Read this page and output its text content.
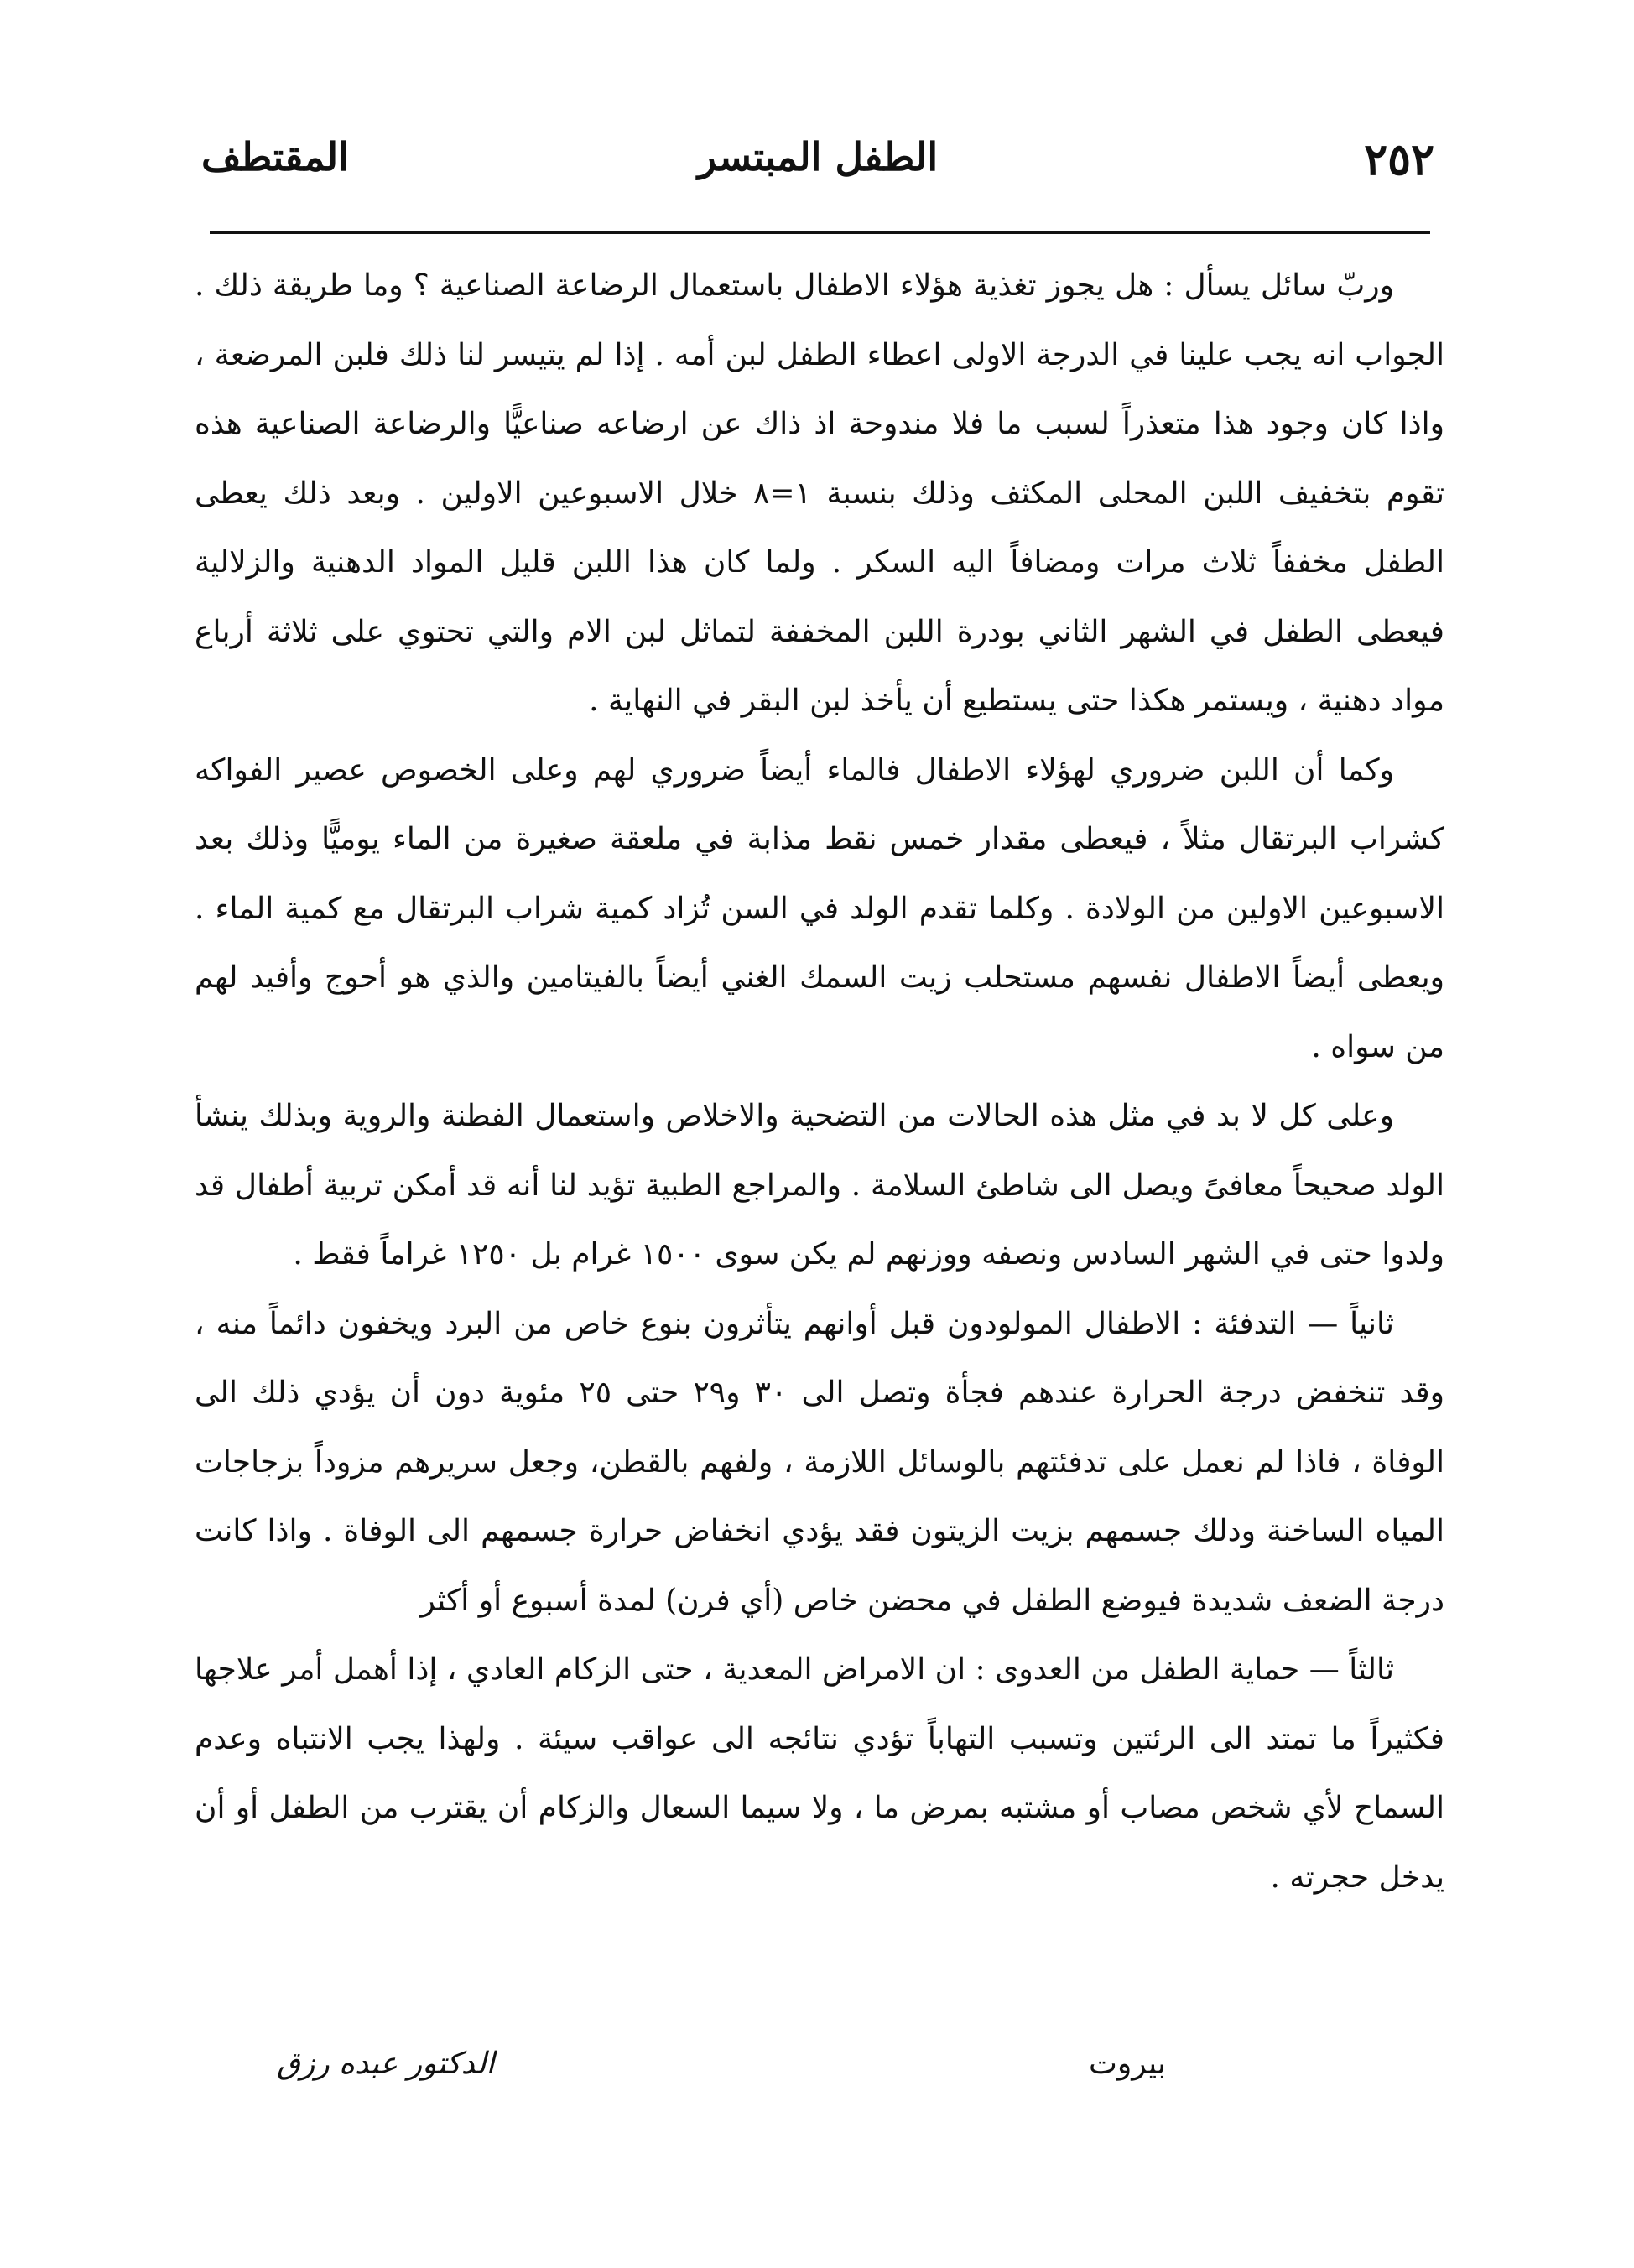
٢٥٢
الطفل المبتسر
المقتطف

وربّ سائل يسأل : هل يجوز تغذية هؤلاء الاطفال باستعمال الرضاعة الصناعية ؟ وما طريقة ذلك . الجواب انه يجب علينا في الدرجة الاولى اعطاء الطفل لبن أمه . إذا لم يتيسر لنا ذلك فلبن المرضعة ، واذا كان وجود هذا متعذراً لسبب ما فلا مندوحة اذ ذاك عن ارضاعه صناعيًّا والرضاعة الصناعية هذه تقوم بتخفيف اللبن المحلى المكثف وذلك بنسبة ١=٨ خلال الاسبوعين الاولين . وبعد ذلك يعطى الطفل مخففاً ثلاث مرات ومضافاً اليه السكر . ولما كان هذا اللبن قليل المواد الدهنية والزلالية فيعطى الطفل في الشهر الثاني بودرة اللبن المخففة لتماثل لبن الام والتي تحتوي على ثلاثة أرباع مواد دهنية ، ويستمر هكذا حتى يستطيع أن يأخذ لبن البقر في النهاية .

وكما أن اللبن ضروري لهؤلاء الاطفال فالماء أيضاً ضروري لهم وعلى الخصوص عصير الفواكه كشراب البرتقال مثلاً ، فيعطى مقدار خمس نقط مذابة في ملعقة صغيرة من الماء يوميًّا وذلك بعد الاسبوعين الاولين من الولادة . وكلما تقدم الولد في السن تُزاد كمية شراب البرتقال مع كمية الماء . ويعطى أيضاً الاطفال نفسهم مستحلب زيت السمك الغني أيضاً بالفيتامين والذي هو أحوج وأفيد لهم من سواه .

وعلى كل لا بد في مثل هذه الحالات من التضحية والاخلاص واستعمال الفطنة والروية وبذلك ينشأ الولد صحيحاً معافىً ويصل الى شاطئ السلامة . والمراجع الطبية تؤيد لنا أنه قد أمكن تربية أطفال قد ولدوا حتى في الشهر السادس ونصفه ووزنهم لم يكن سوى ١٥٠٠ غرام بل ١٢٥٠ غراماً فقط .

ثانياً — التدفئة : الاطفال المولودون قبل أوانهم يتأثرون بنوع خاص من البرد ويخفون دائماً منه ، وقد تنخفض درجة الحرارة عندهم فجأة وتصل الى ٣٠ و٢٩ حتى ٢٥ مئوية دون أن يؤدي ذلك الى الوفاة ، فاذا لم نعمل على تدفئتهم بالوسائل اللازمة ، ولفهم بالقطن، وجعل سريرهم مزوداً بزجاجات المياه الساخنة ودلك جسمهم بزيت الزيتون فقد يؤدي انخفاض حرارة جسمهم الى الوفاة . واذا كانت درجة الضعف شديدة فيوضع الطفل في محضن خاص (أي فرن) لمدة أسبوع أو أكثر

ثالثاً — حماية الطفل من العدوى : ان الامراض المعدية ، حتى الزكام العادي ، إذا أهمل أمر علاجها فكثيراً ما تمتد الى الرئتين وتسبب التهاباً تؤدي نتائجه الى عواقب سيئة . ولهذا يجب الانتباه وعدم السماح لأي شخص مصاب أو مشتبه بمرض ما ، ولا سيما السعال والزكام أن يقترب من الطفل أو أن يدخل حجرته .

بيروت
الدكتور عبده رزق
